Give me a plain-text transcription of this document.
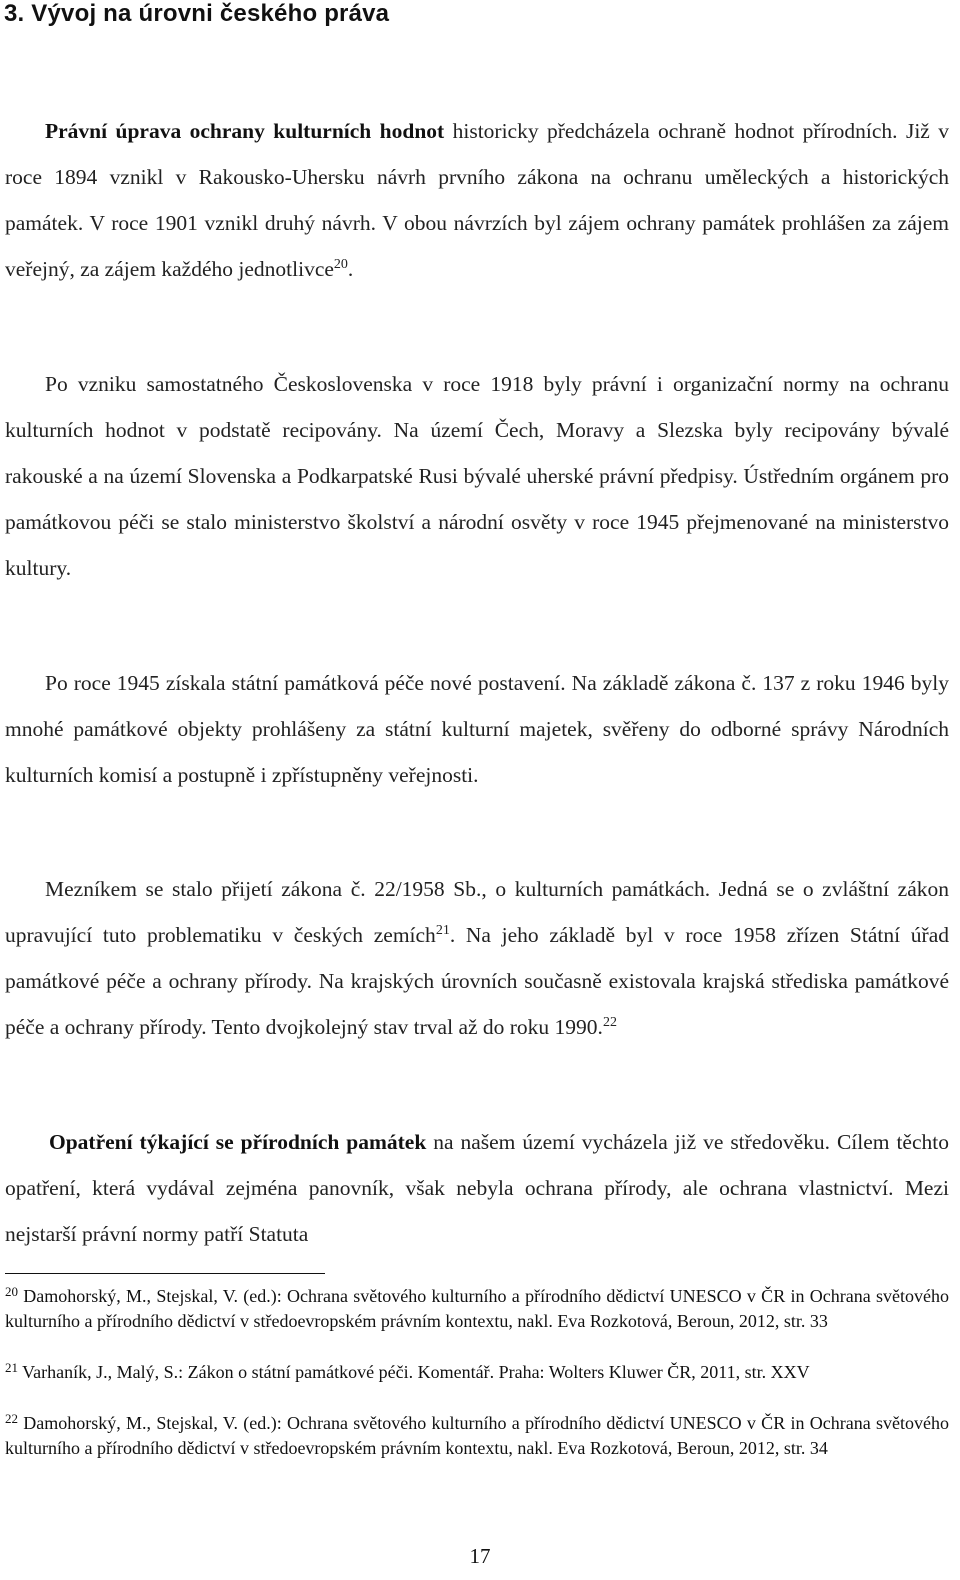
3. Vývoj na úrovni českého práva

Právní úprava ochrany kulturních hodnot historicky předcházela ochraně hodnot přírodních. Již v roce 1894 vznikl v Rakousko-Uhersku návrh prvního zákona na ochranu uměleckých a historických památek. V roce 1901 vznikl druhý návrh. V obou návrzích byl zájem ochrany památek prohlášen za zájem veřejný, za zájem každého jednotlivce$^{20}$.

Po vzniku samostatného Československa v roce 1918 byly právní i organizační normy na ochranu kulturních hodnot v podstatě recipovány. Na území Čech, Moravy a Slezska byly recipovány bývalé rakouské a na území Slovenska a Podkarpatské Rusi bývalé uherské právní předpisy. Ústředním orgánem pro památkovou péči se stalo ministerstvo školství a národní osvěty v roce 1945 přejmenované na ministerstvo kultury.

Po roce 1945 získala státní památková péče nové postavení. Na základě zákona č. 137 z roku 1946 byly mnohé památkové objekty prohlášeny za státní kulturní majetek, svěřeny do odborné správy Národních kulturních komisí a postupně i zpřístupněny veřejnosti.

Mezníkem se stalo přijetí zákona č. 22/1958 Sb., o kulturních památkách. Jedná se o zvláštní zákon upravující tuto problematiku v českých zemích$^{21}$. Na jeho základě byl v roce 1958 zřízen Státní úřad památkové péče a ochrany přírody. Na krajských úrovních současně existovala krajská střediska památkové péče a ochrany přírody. Tento dvojkolejný stav trval až do roku 1990.22

Opatření týkající se přírodních památek na našem území vycházela již ve středověku. Cílem těchto opatření, která vydával zejména panovník, však nebyla ochrana přírody, ale ochrana vlastnictví. Mezi nejstarší právní normy patří Statuta

$^{20}$ Damohorský, M., Stejskal, V. (ed.): Ochrana světového kulturního a přírodního dědictví UNESCO v ČR in Ochrana světového kulturního a přírodního dědictví v středoevropském právním kontextu, nakl. Eva Rozkotová, Beroun, 2012, str. 33

$^{21}$ Varhaník, J., Malý, S.: Zákon o státní památkové péči. Komentář. Praha: Wolters Kluwer ČR, 2011, str. XXV

$^{22}$ Damohorský, M., Stejskal, V. (ed.): Ochrana světového kulturního a přírodního dědictví UNESCO v ČR in Ochrana světového kulturního a přírodního dědictví v středoevropském právním kontextu, nakl. Eva Rozkotová, Beroun, 2012, str. 34

17
